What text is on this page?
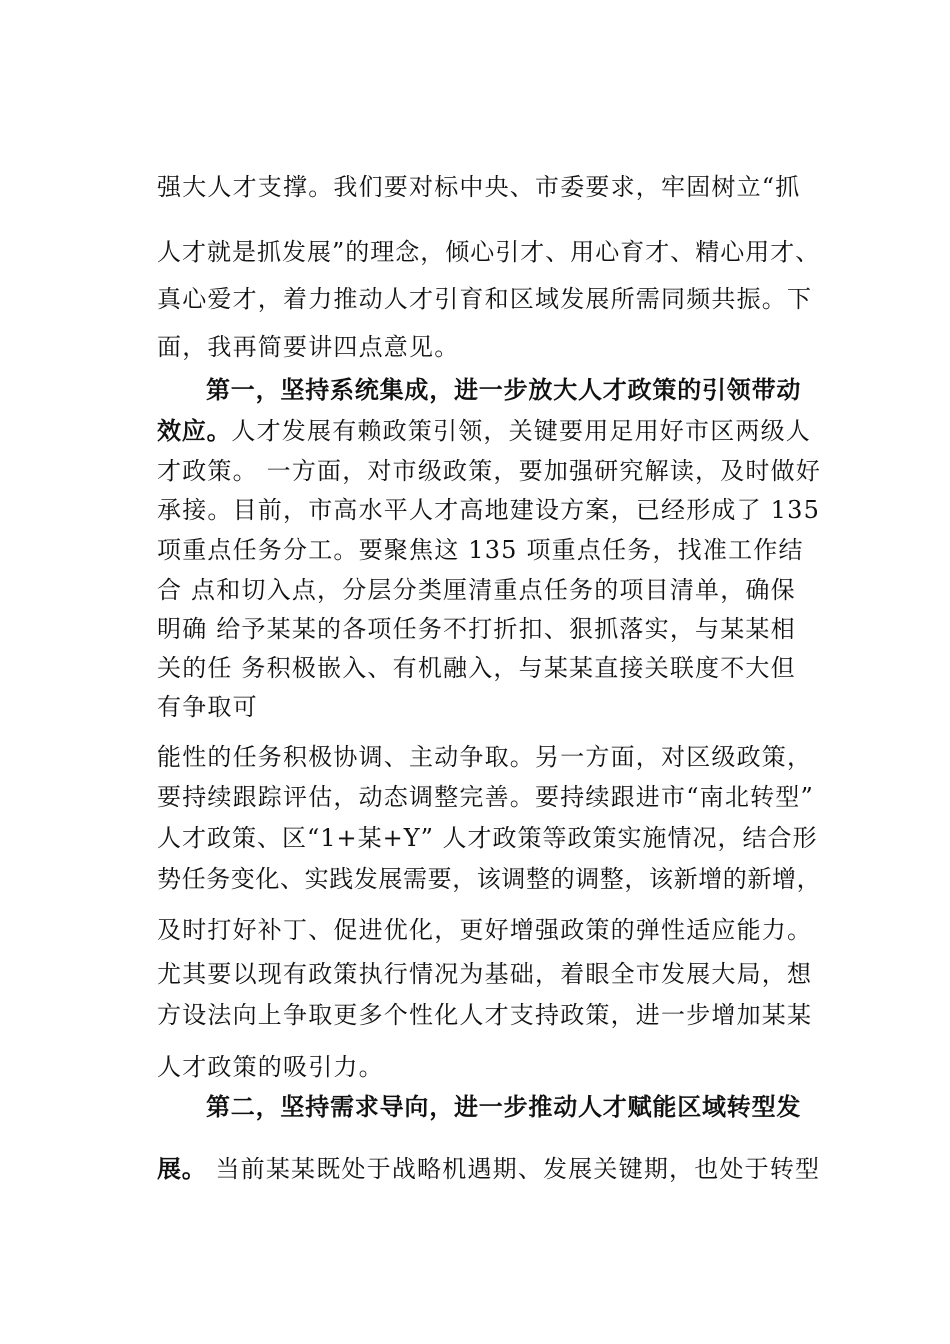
强大人才支撑。我们要对标中央、市委要求，牢固树立“抓
人才就是抓发展”的理念，倾心引才、用心育才、精心用才、
真心爱才，着力推动人才引育和区域发展所需同频共振。下
面，我再简要讲四点意见。
第一，坚持系统集成，进一步放大人才政策的引领带动
效应。人才发展有赖政策引领，关键要用足用好市区两级人
才政策。 一方面，对市级政策，要加强研究解读，及时做好
承接。目前，市高水平人才高地建设方案，已经形成了 135
项重点任务分工。要聚焦这 135 项重点任务，找准工作结
合 点和切入点，分层分类厘清重点任务的项目清单，确保
明确 给予某某的各项任务不打折扣、狠抓落实，与某某相
关的任 务积极嵌入、有机融入，与某某直接关联度不大但
有争取可
能性的任务积极协调、主动争取。另一方面，对区级政策，
要持续跟踪评估，动态调整完善。要持续跟进市“南北转型”
人才政策、区“1+某+Y” 人才政策等政策实施情况，结合形
势任务变化、实践发展需要，该调整的调整，该新增的新增，
及时打好补丁、促进优化，更好增强政策的弹性适应能力。
尤其要以现有政策执行情况为基础，着眼全市发展大局，想
方设法向上争取更多个性化人才支持政策，进一步增加某某
人才政策的吸引力。
第二，坚持需求导向，进一步推动人才赋能区域转型发
展。 当前某某既处于战略机遇期、发展关键期，也处于转型
